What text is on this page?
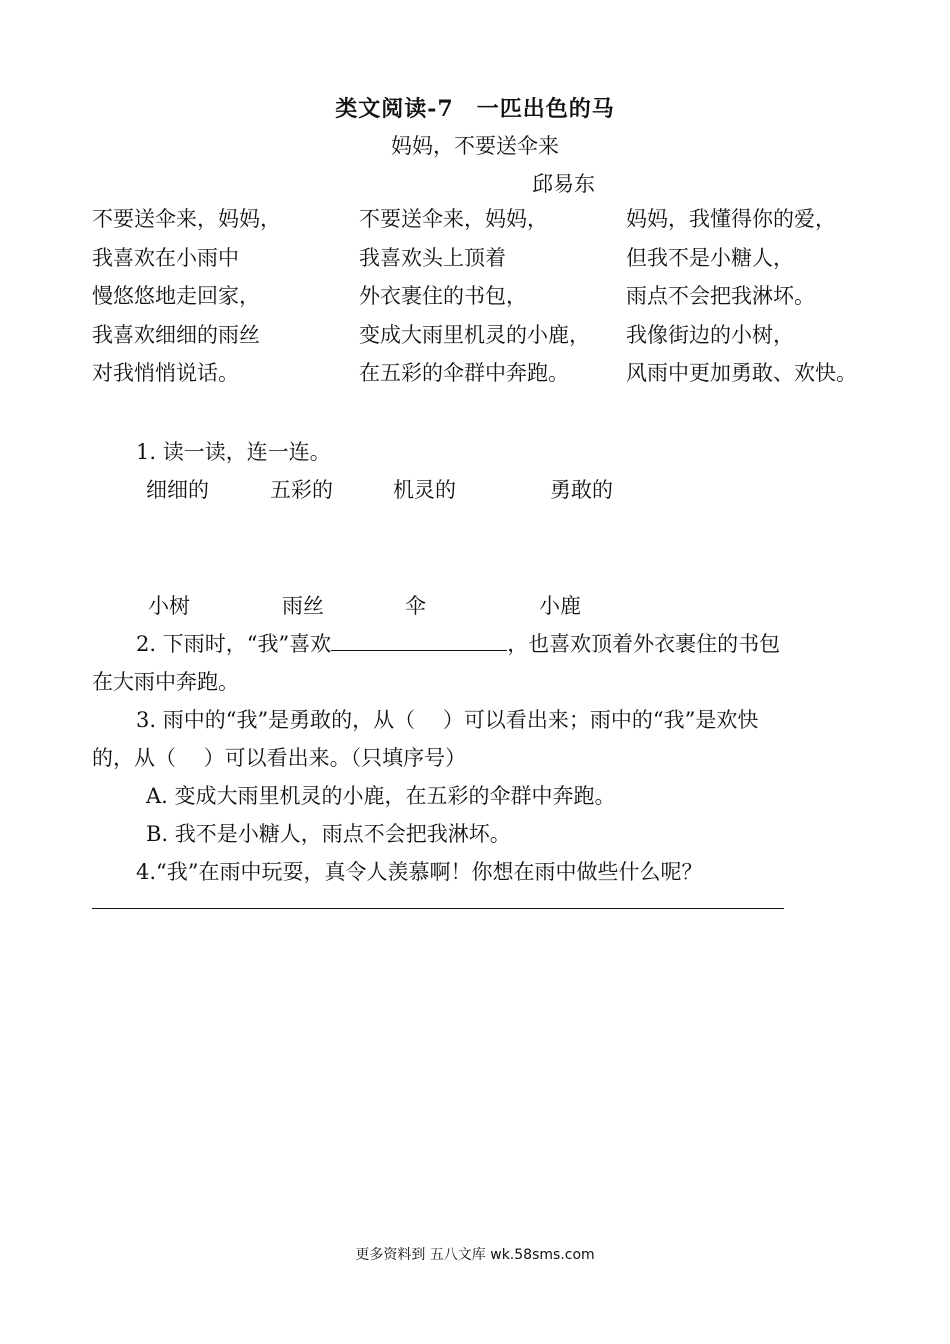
类文阅读-7　一匹出色的马
妈妈，不要送伞来
邱易东
不要送伞来，妈妈，
我喜欢在小雨中
慢悠悠地走回家，
我喜欢细细的雨丝
对我悄悄说话。
不要送伞来，妈妈，
我喜欢头上顶着
外衣裹住的书包，
变成大雨里机灵的小鹿，
在五彩的伞群中奔跑。
妈妈，我懂得你的爱，
但我不是小糖人，
雨点不会把我淋坏。
我像街边的小树，
风雨中更加勇敢、欢快。
1. 读一读，连一连。
细细的	五彩的	机灵的	勇敢的
小树	雨丝	伞	小鹿
2. 下雨时，“我”喜欢	，也喜欢顶着外衣裹住的书包
在大雨中奔跑。
3. 雨中的“我”是勇敢的，从（　 ）可以看出来；雨中的“我”是欢快
的，从（　 ）可以看出来。（只填序号）
A. 变成大雨里机灵的小鹿，在五彩的伞群中奔跑。
B. 我不是小糖人，雨点不会把我淋坏。
4.“我”在雨中玩耍，真令人羡慕啊！你想在雨中做些什么呢？
更多资料到 五八文库 wk.58sms.com
